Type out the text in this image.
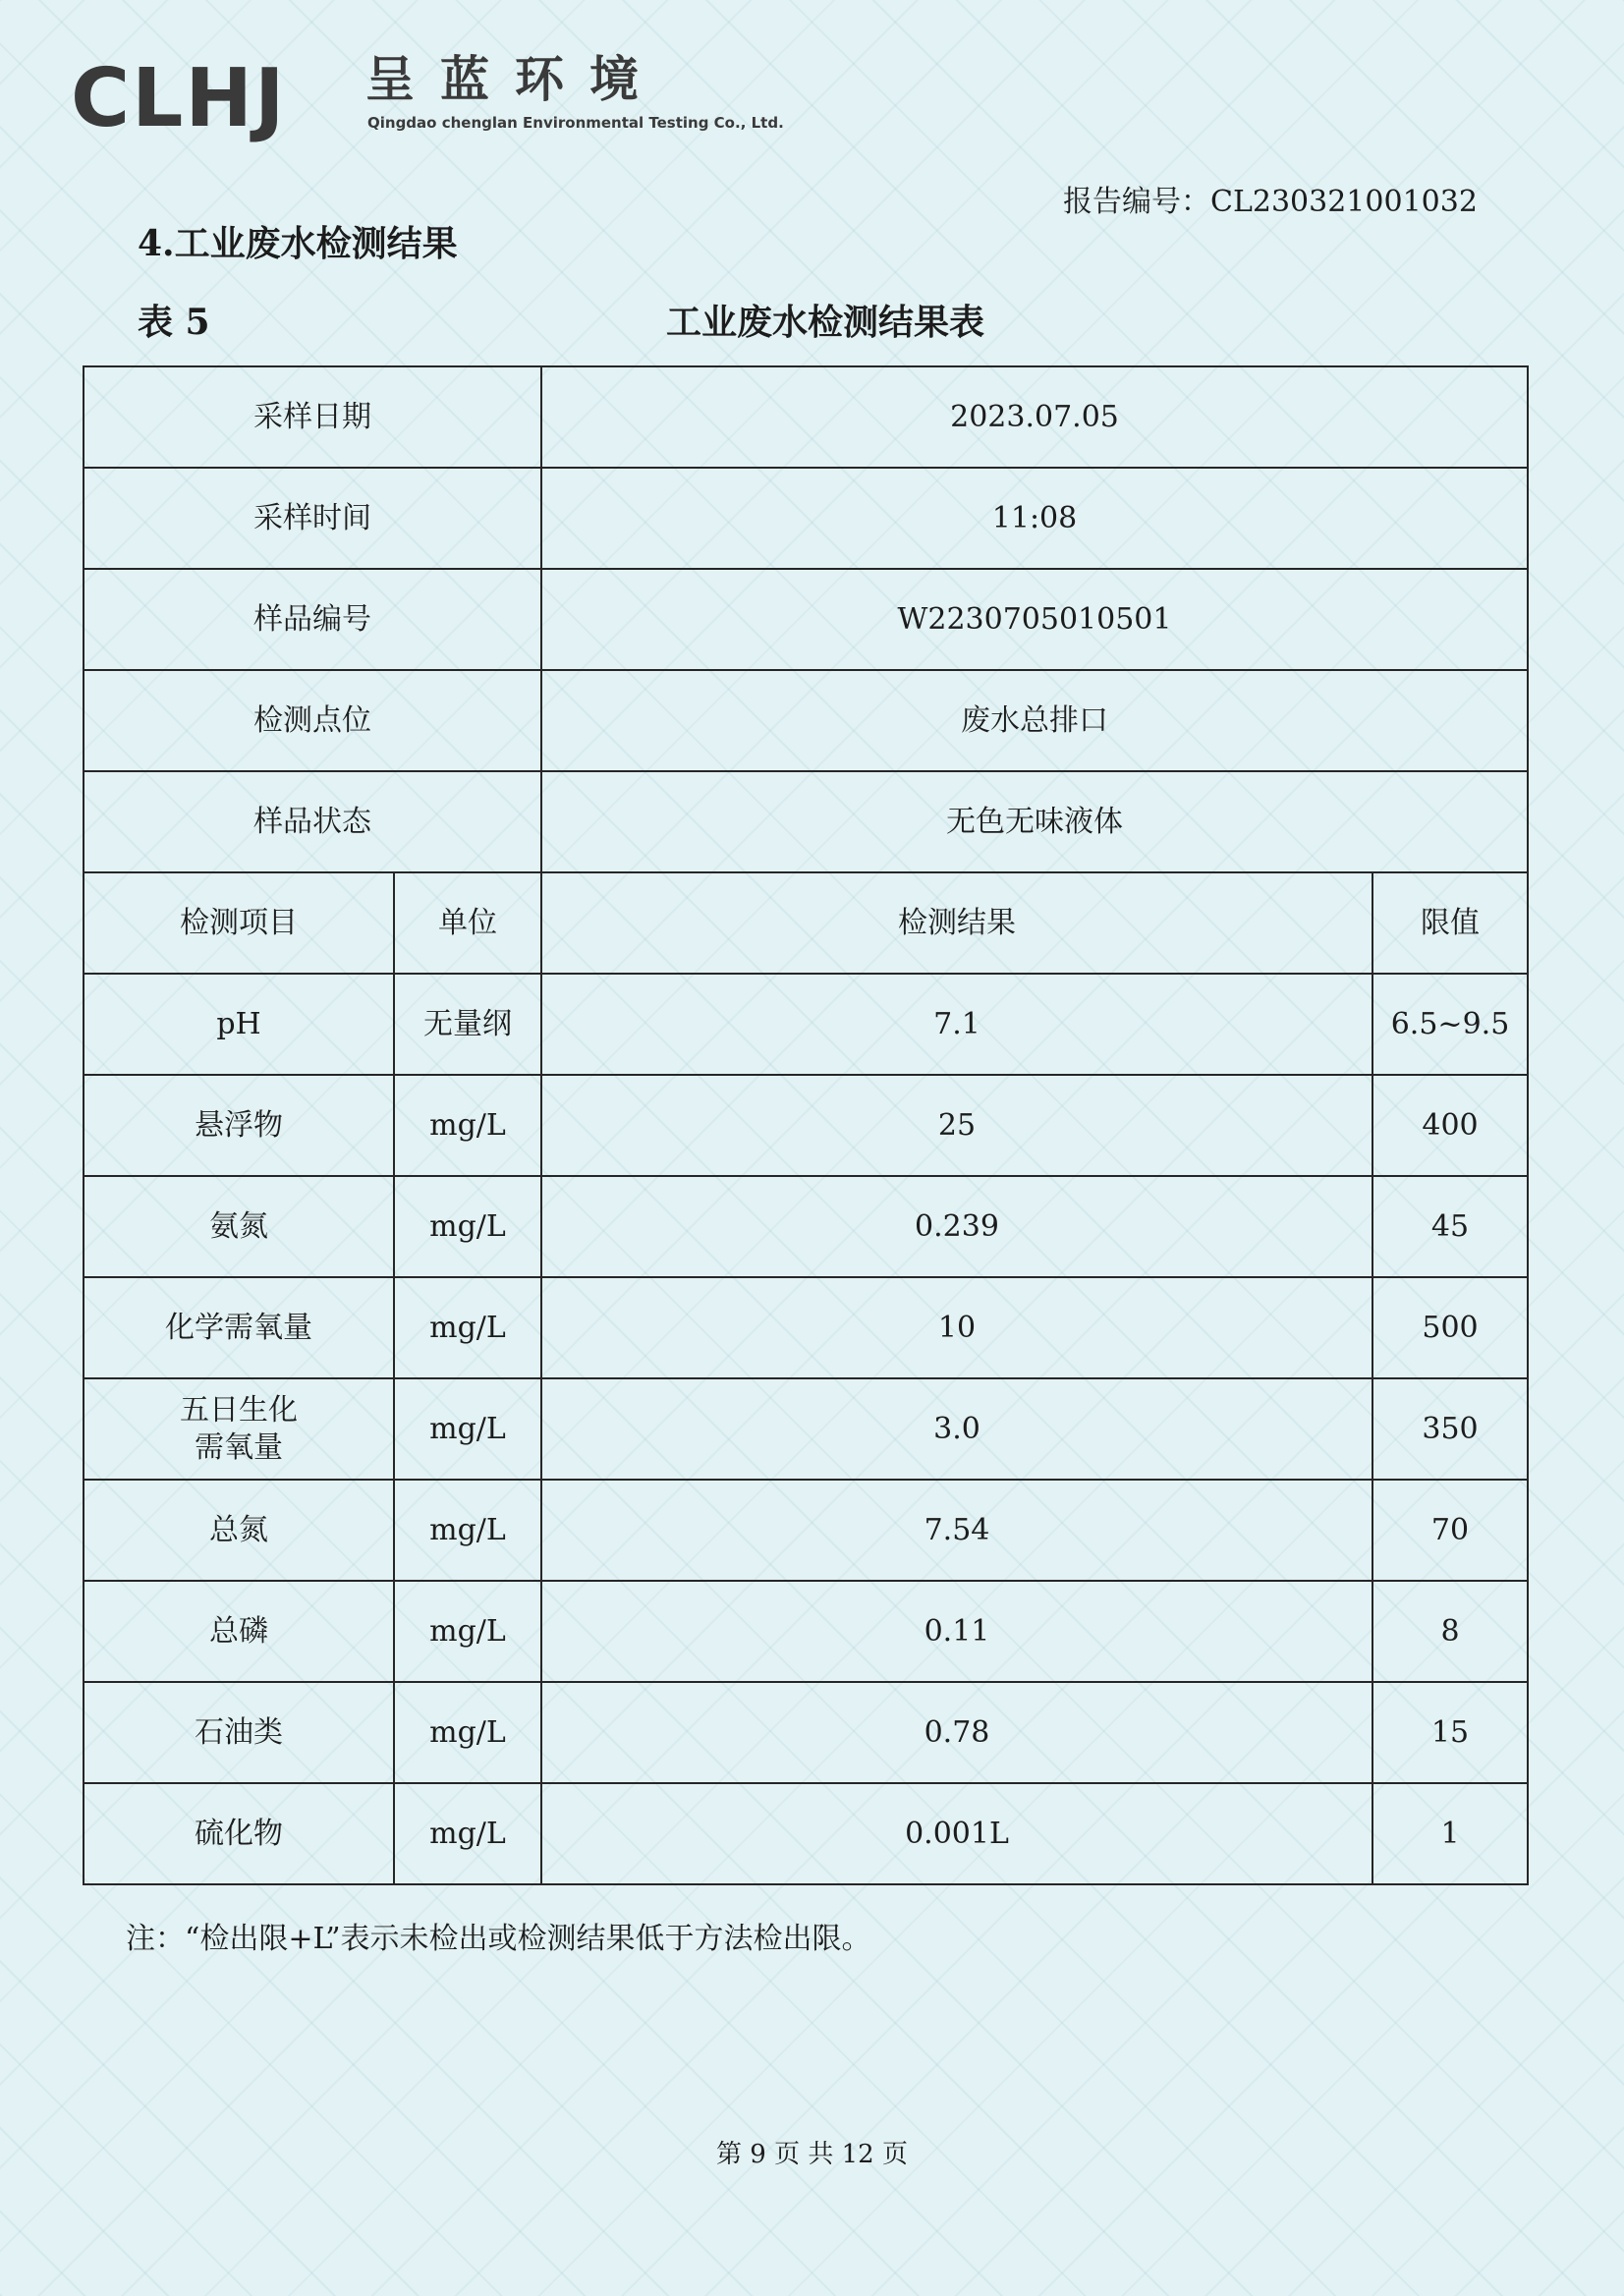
CLHJ 呈蓝环境
Qingdao chenglan Environmental Testing Co., Ltd.
报告编号：CL230321001032
4.工业废水检测结果
表 5	工业废水检测结果表
采样日期		2023.07.05	
采样时间		11:08	
样品编号		W2230705010501	
检测点位		废水总排口	
样品状态		无色无味液体	
检测项目	单位	检测结果	限值
pH	无量纲	7.1	6.5~9.5
悬浮物	mg/L	25	400
氨氮	mg/L	0.239	45
化学需氧量	mg/L	10	500

五日生化
需氧量	mg/L	3.0	350
总氮	mg/L	7.54	70
总磷	mg/L	0.11	8
石油类	mg/L	0.78	15
硫化物	mg/L	0.001L	1
注：“检出限+L”表示未检出或检测结果低于方法检出限。
第 9 页 共 12 页
